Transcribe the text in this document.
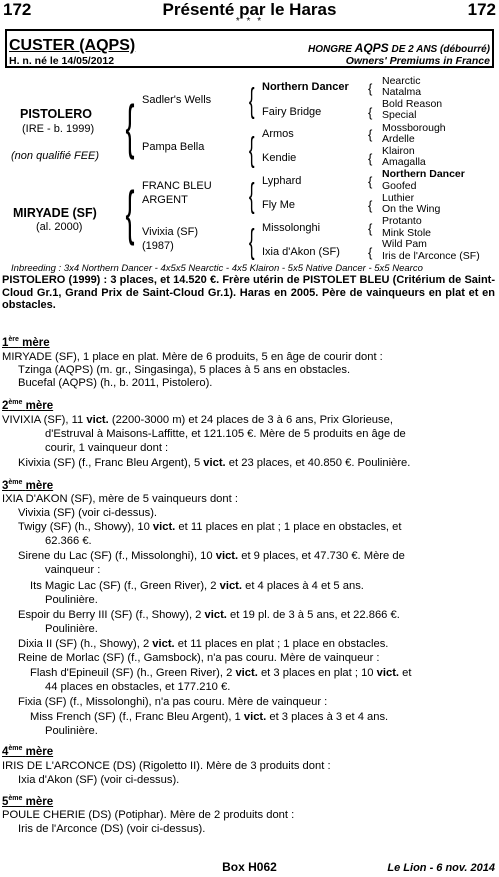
172	Présenté par le Haras	172
* * *
CUSTER (AQPS)	HONGRE AQPS DE 2 ANS (débourré)
H. n. né le 14/05/2012	Owners' Premiums in France
PISTOLERO
(IRE - b. 1999)
(non qualifié FEE)
MIRYADE (SF)
(al. 2000)
{
{
Sadler's Wells
Pampa Bella
FRANC BLEU
ARGENT
Vivixia (SF)
(1987)
{
{
{
{
Northern Dancer
Fairy Bridge
Armos
Kendie
Lyphard
Fly Me
Missolonghi
Ixia d'Akon (SF)
{
{
{
{
{
{
{
{
Nearctic
Natalma
Bold Reason
Special
Mossborough
Ardelle
Klairon
Amagalla
Northern Dancer
Goofed
Luthier
On the Wing
Protanto
Mink Stole
Wild Pam
Iris de l'Arconce (SF)
Inbreeding : 3x4 Northern Dancer - 4x5x5 Nearctic - 4x5 Klairon - 5x5 Native Dancer - 5x5 Nearco
PISTOLERO (1999) : 3 places, et 14.520 €. Frère utérin de PISTOLET BLEU (Critérium de Saint-Cloud Gr.1, Grand Prix de Saint-Cloud Gr.1). Haras en 2005. Père de vainqueurs en plat et en obstacles.
1ère mère
MIRYADE (SF), 1 place en plat. Mère de 6 produits, 5 en âge de courir dont :
Tzinga (AQPS) (m. gr., Singasinga), 5 places à 5 ans en obstacles.
Bucefal (AQPS) (h., b. 2011, Pistolero).
2ème mère
VIVIXIA (SF), 11 vict. (2200-3000 m) et 24 places de 3 à 6 ans, Prix Glorieuse,
d'Estruval à Maisons-Laffitte, et 121.105 €. Mère de 5 produits en âge de
courir, 1 vainqueur dont :
Kivixia (SF) (f., Franc Bleu Argent), 5 vict. et 23 places, et 40.850 €. Poulinière.
3ème mère
IXIA D'AKON (SF), mère de 5 vainqueurs dont :
Vivixia (SF) (voir ci-dessus).
Twigy (SF) (h., Showy), 10 vict. et 11 places en plat ; 1 place en obstacles, et
62.366 €.
Sirene du Lac (SF) (f., Missolonghi), 10 vict. et 9 places, et 47.730 €. Mère de
vainqueur :
Its Magic Lac (SF) (f., Green River), 2 vict. et 4 places à 4 et 5 ans.
Poulinière.
Espoir du Berry III (SF) (f., Showy), 2 vict. et 19 pl. de 3 à 5 ans, et 22.866 €.
Poulinière.
Dixia II (SF) (h., Showy), 2 vict. et 11 places en plat ; 1 place en obstacles.
Reine de Morlac (SF) (f., Gamsbock), n'a pas couru. Mère de vainqueur :
Flash d'Epineuil (SF) (h., Green River), 2 vict. et 3 places en plat ; 10 vict. et
44 places en obstacles, et 177.210 €.
Fixia (SF) (f., Missolonghi), n'a pas couru. Mère de vainqueur :
Miss French (SF) (f., Franc Bleu Argent), 1 vict. et 3 places à 3 et 4 ans.
Poulinière.
4ème mère
IRIS DE L'ARCONCE (DS) (Rigoletto II). Mère de 3 produits dont :
Ixia d'Akon (SF) (voir ci-dessus).
5ème mère
POULE CHERIE (DS) (Potiphar). Mère de 2 produits dont :
Iris de l'Arconce (DS) (voir ci-dessus).
Box H062	Le Lion - 6 nov. 2014
